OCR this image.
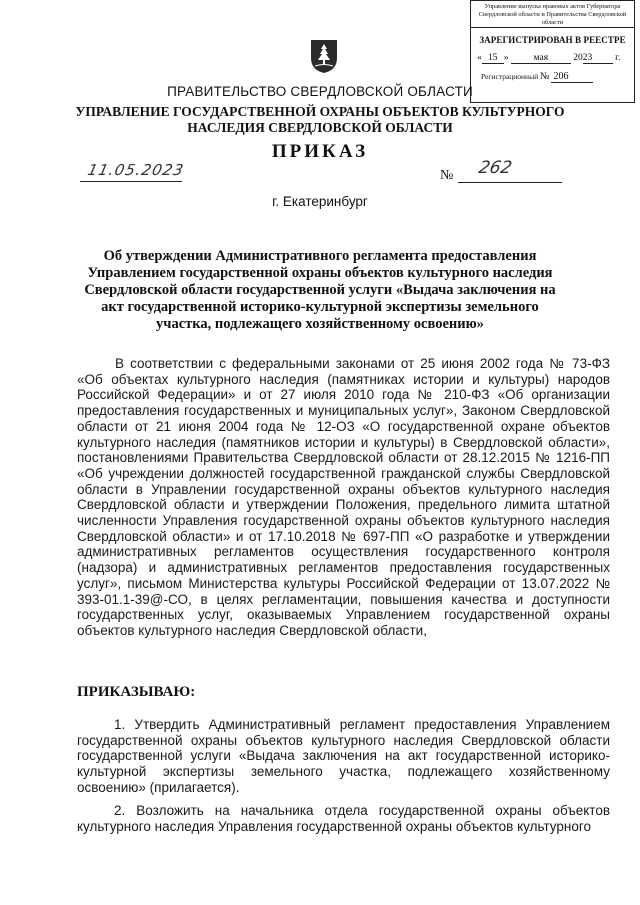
Управление выпуска правовых актов Губернатора Свердловской области и Правительства Свердловской области
ЗАРЕГИСТРИРОВАН В РЕЕСТРЕ
« 15 »	мая	2023 г.
Регистрационный № 206
ПРАВИТЕЛЬСТВО СВЕРДЛОВСКОЙ ОБЛАСТИ
УПРАВЛЕНИЕ ГОСУДАРСТВЕННОЙ ОХРАНЫ ОБЪЕКТОВ КУЛЬТУРНОГО НАСЛЕДИЯ СВЕРДЛОВСКОЙ ОБЛАСТИ
ПРИКАЗ
11.05.2023	№ 262
г. Екатеринбург
Об утверждении Административного регламента предоставления Управлением государственной охраны объектов культурного наследия Свердловской области государственной услуги «Выдача заключения на акт государственной историко-культурной экспертизы земельного участка, подлежащего хозяйственному освоению»
В соответствии с федеральными законами от 25 июня 2002 года № 73-ФЗ «Об объектах культурного наследия (памятниках истории и культуры) народов Российской Федерации» и от 27 июля 2010 года № 210-ФЗ «Об организации предоставления государственных и муниципальных услуг», Законом Свердловской области от 21 июня 2004 года № 12-ОЗ «О государственной охране объектов культурного наследия (памятников истории и культуры) в Свердловской области», постановлениями Правительства Свердловской области от 28.12.2015 № 1216-ПП «Об учреждении должностей государственной гражданской службы Свердловской области в Управлении государственной охраны объектов культурного наследия Свердловской области и утверждении Положения, предельного лимита штатной численности Управления государственной охраны объектов культурного наследия Свердловской области» и от 17.10.2018 № 697-ПП «О разработке и утверждении административных регламентов осуществления государственного контроля (надзора) и административных регламентов предоставления государственных услуг», письмом Министерства культуры Российской Федерации от 13.07.2022 № 393-01.1-39@-СО, в целях регламентации, повышения качества и доступности государственных услуг, оказываемых Управлением государственной охраны объектов культурного наследия Свердловской области,
ПРИКАЗЫВАЮ:
1. Утвердить Административный регламент предоставления Управлением государственной охраны объектов культурного наследия Свердловской области государственной услуги «Выдача заключения на акт государственной историко-культурной экспертизы земельного участка, подлежащего хозяйственному освоению» (прилагается).
2. Возложить на начальника отдела государственной охраны объектов культурного наследия Управления государственной охраны объектов культурного
